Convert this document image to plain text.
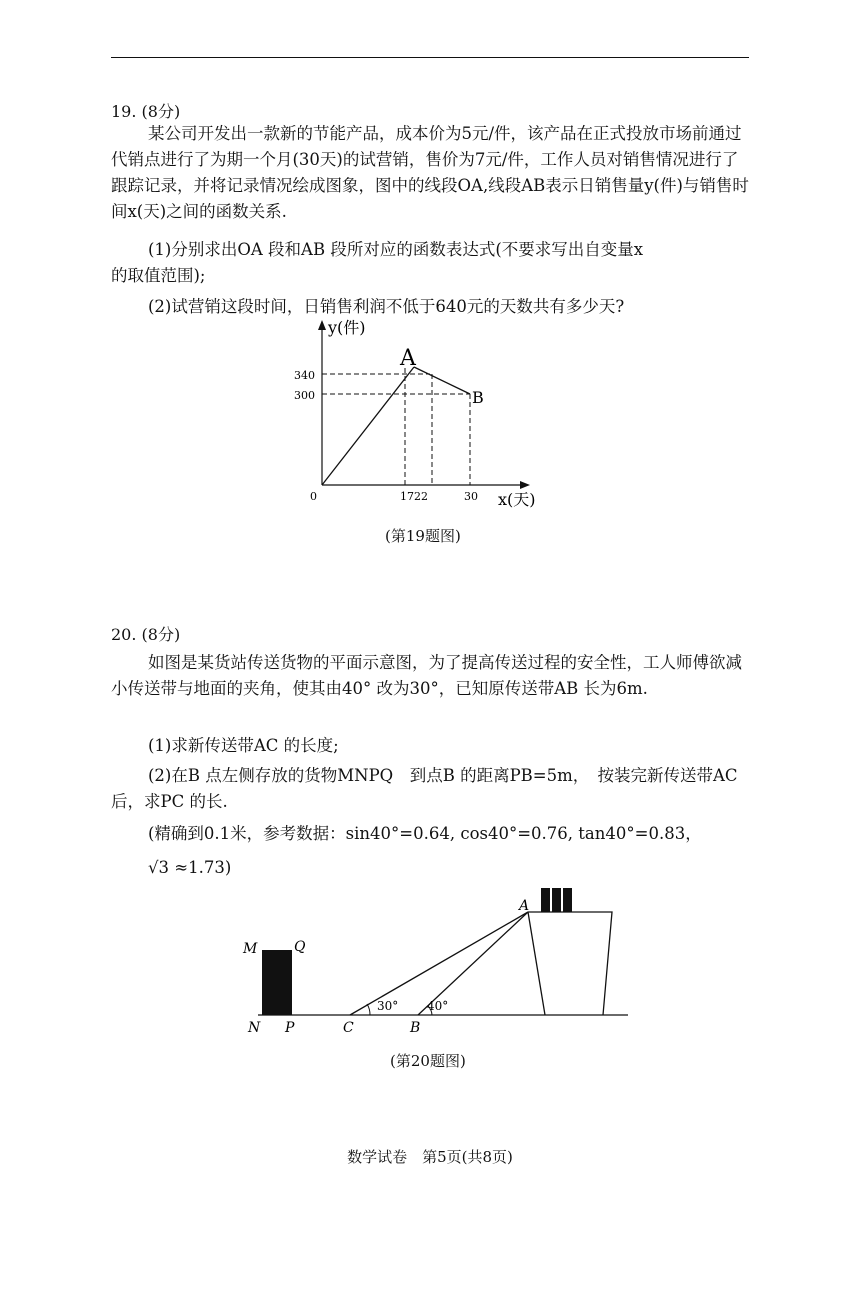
19. (8分)

某公司开发出一款新的节能产品，成本价为5元/件，该产品在正式投放市场前通过代销点进行了为期一个月(30天)的试营销，售价为7元/件，工作人员对销售情况进行了跟踪记录，并将记录情况绘成图象，图中的线段OA,线段AB表示日销售量y(件)与销售时间x(天)之间的函数关系.

(1)分别求出OA 段和AB 段所对应的函数表达式(不要求写出自变量x

的取值范围);

(2)试营销这段时间，日销售利润不低于640元的天数共有多少天?

y(件)
x(天)
0
340
300
1722	30
A
B
(第19题图)
20. (8分)

如图是某货站传送货物的平面示意图，为了提高传送过程的安全性，工人师傅欲减小传送带与地面的夹角，使其由40° 改为30°，已知原传送带AB 长为6m.

(1)求新传送带AC 的长度;

(2)在B 点左侧存放的货物MNPQ　到点B 的距离PB=5m，　按装完新传送带AC后，求PC 的长.

(精确到0.1米，参考数据：sin40°=0.64, cos40°=0.76, tan40°=0.83，

√3 ≈1.73)

A
M	Q
N P	C	B
30° 40°
(第20题图)
数学试卷　第5页(共8页)
